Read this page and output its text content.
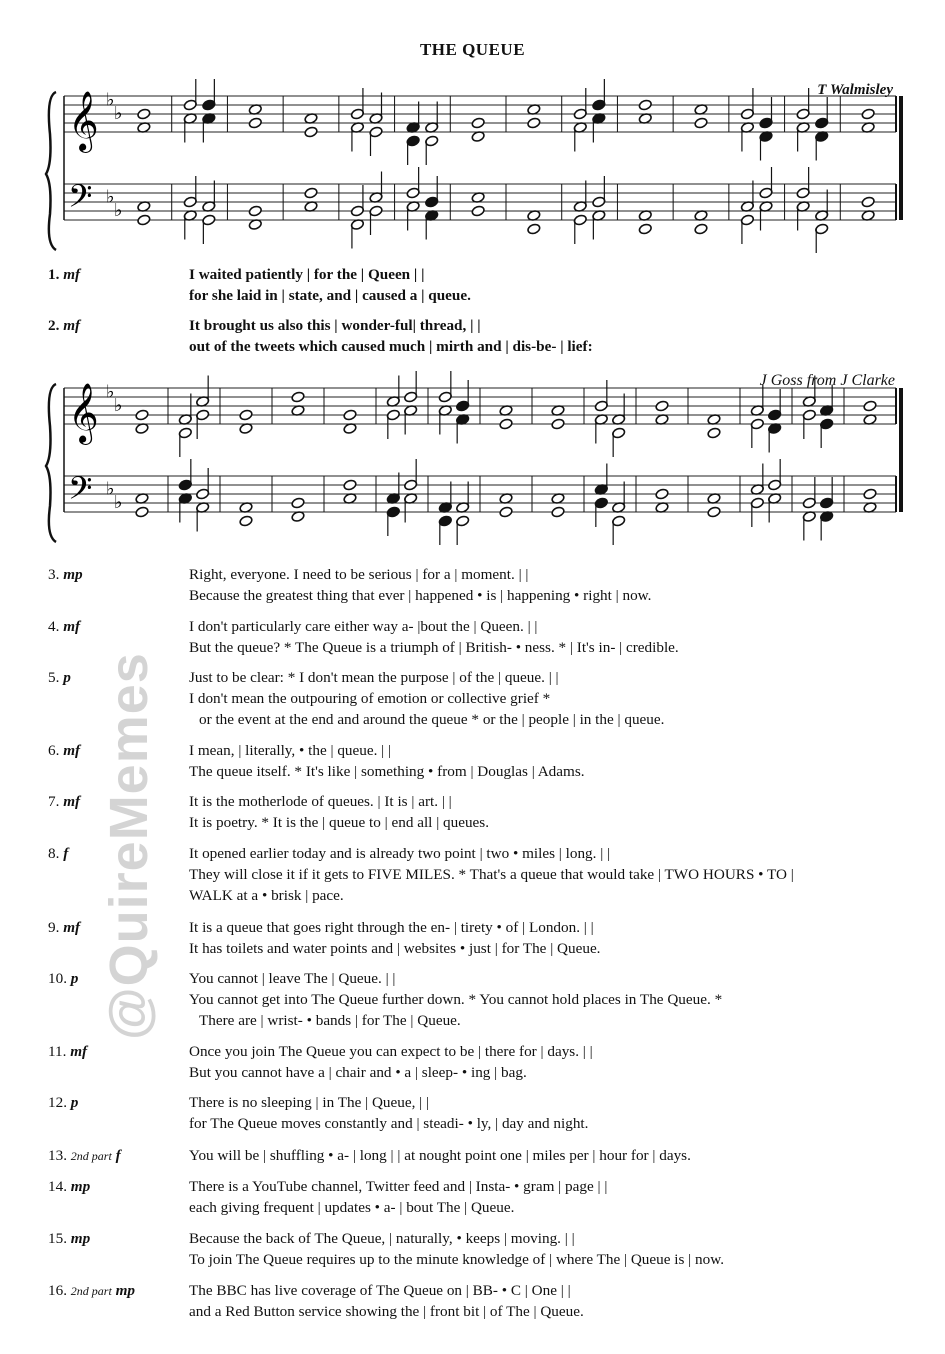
THE QUEUE
T Walmisley
𝄞
𝄢
♭
♭
♭
♭
J Goss from J Clarke
𝄞
𝄢
♭
♭
♭
♭
1. mf	I waited patiently | for the | Queen | |
for she laid in | state, and | caused a | queue.
2. mf	It brought us also this | wonder-ful| thread, | |
out of the tweets which caused much | mirth and | dis-be- | lief:
3. mp	Right, everyone. I need to be serious | for a | moment. | |
Because the greatest thing that ever | happened • is | happening • right | now.
4. mf	I don't particularly care either way a- |bout the | Queen. | |
But the queue? * The Queue is a triumph of | British- • ness. * | It's in- | credible.
5. p	Just to be clear: * I don't mean the purpose | of the | queue. | |
I don't mean the outpouring of emotion or collective grief *
or the event at the end and around the queue * or the | people | in the | queue.
6. mf	I mean, | literally, • the | queue. | |
The queue itself. * It's like | something • from | Douglas | Adams.
7. mf	It is the motherlode of queues. | It is | art. | |
It is poetry. * It is the | queue to | end all | queues.
8. f	It opened earlier today and is already two point | two • miles | long. | |
They will close it if it gets to FIVE MILES. * That's a queue that would take | TWO HOURS • TO |
WALK at a • brisk | pace.
9. mf	It is a queue that goes right through the en- | tirety • of | London. | |
It has toilets and water points and | websites • just | for The | Queue.
10. p	You cannot | leave The | Queue. | |
You cannot get into The Queue further down. * You cannot hold places in The Queue. *
There are | wrist- • bands | for The | Queue.
11. mf	Once you join The Queue you can expect to be | there for | days. | |
But you cannot have a | chair and • a | sleep- • ing | bag.
12. p	There is no sleeping | in The | Queue, | |
for The Queue moves constantly and | steadi- • ly, | day and night.
13. 2nd part f	You will be | shuffling • a- | long | | at nought point one | miles per | hour for | days.
14. mp	There is a YouTube channel, Twitter feed and | Insta- • gram | page | |
each giving frequent | updates • a- | bout The | Queue.
15. mp	Because the back of The Queue, | naturally, • keeps | moving. | |
To join The Queue requires up to the minute knowledge of | where The | Queue is | now.
16. 2nd part mp	The BBC has live coverage of The Queue on | BB- • C | One | |
and a Red Button service showing the | front bit | of The | Queue.
@QuireMemes
